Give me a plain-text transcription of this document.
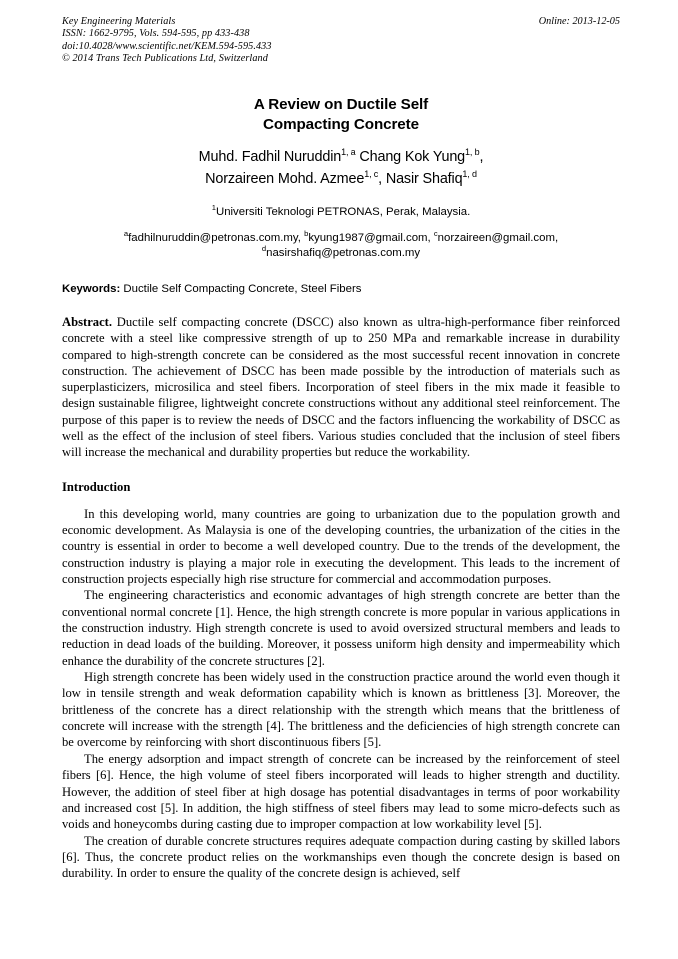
Key Engineering Materials
ISSN: 1662-9795, Vols. 594-595, pp 433-438
doi:10.4028/www.scientific.net/KEM.594-595.433
© 2014 Trans Tech Publications Ltd, Switzerland
Online: 2013-12-05
A Review on Ductile Self
Compacting Concrete
Muhd. Fadhil Nuruddin$^{1, a}$ Chang Kok Yung$^{1, b}$,
Norzaireen Mohd. Azmee$^{1, c}$, Nasir Shafiq$^{1, d}$
$^1$Universiti Teknologi PETRONAS, Perak, Malaysia.
$^a$fadhilnuruddin@petronas.com.my, $^b$kyung1987@gmail.com, $^c$norzaireen@gmail.com,
$^d$nasirshafiq@petronas.com.my
Keywords: Ductile Self Compacting Concrete, Steel Fibers
Abstract. Ductile self compacting concrete (DSCC) also known as ultra-high-performance fiber reinforced concrete with a steel like compressive strength of up to 250 MPa and remarkable increase in durability compared to high-strength concrete can be considered as the most successful recent innovation in concrete construction. The achievement of DSCC has been made possible by the introduction of materials such as superplasticizers, microsilica and steel fibers. Incorporation of steel fibers in the mix made it feasible to design sustainable filigree, lightweight concrete constructions without any additional steel reinforcement. The purpose of this paper is to review the needs of DSCC and the factors influencing the workability of DSCC as well as the effect of the inclusion of steel fibers. Various studies concluded that the inclusion of steel fibers will increase the mechanical and durability properties but reduce the workability.
Introduction

In this developing world, many countries are going to urbanization due to the population growth and economic development. As Malaysia is one of the developing countries, the urbanization of the cities in the country is essential in order to become a well developed country. Due to the trends of the development, the construction industry is playing a major role in executing the development. This leads to the increment of construction projects especially high rise structure for commercial and accommodation purposes.

The engineering characteristics and economic advantages of high strength concrete are better than the conventional normal concrete [1]. Hence, the high strength concrete is more popular in various applications in the construction industry. High strength concrete is used to avoid oversized structural members and leads to reduction in dead loads of the building. Moreover, it possess uniform high density and impermeability which enhance the durability of the concrete structures [2].

High strength concrete has been widely used in the construction practice around the world even though it low in tensile strength and weak deformation capability which is known as brittleness [3]. Moreover, the brittleness of the concrete has a direct relationship with the strength which means that the brittleness of concrete will increase with the strength [4]. The brittleness and the deficiencies of high strength concrete can be overcome by reinforcing with short discontinuous fibers [5].

The energy adsorption and impact strength of concrete can be increased by the reinforcement of steel fibers [6]. Hence, the high volume of steel fibers incorporated will leads to higher strength and ductility. However, the addition of steel fiber at high dosage has potential disadvantages in terms of poor workability and increased cost [5]. In addition, the high stiffness of steel fibers may lead to some micro-defects such as voids and honeycombs during casting due to improper compaction at low workability level [5].

The creation of durable concrete structures requires adequate compaction during casting by skilled labors [6]. Thus, the concrete product relies on the workmanships even though the concrete design is based on durability. In order to ensure the quality of the concrete design is achieved, self
